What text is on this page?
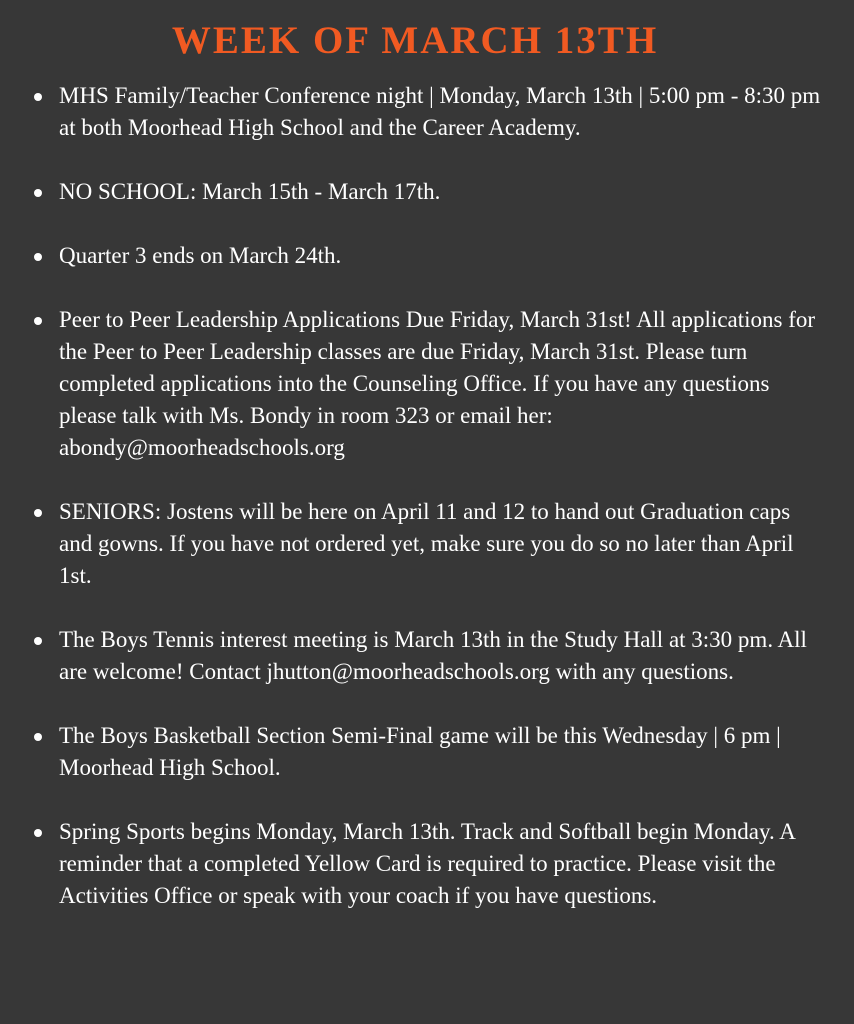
WEEK OF MARCH 13TH
MHS Family/Teacher Conference night | Monday, March 13th | 5:00 pm - 8:30 pm at both Moorhead High School and the Career Academy.
NO SCHOOL: March 15th - March 17th.
Quarter 3 ends on March 24th.
Peer to Peer Leadership Applications Due Friday, March 31st! All applications for the Peer to Peer Leadership classes are due Friday, March 31st. Please turn completed applications into the Counseling Office. If you have any questions please talk with Ms. Bondy in room 323 or email her: abondy@moorheadschools.org
SENIORS: Jostens will be here on April 11 and 12 to hand out Graduation caps and gowns. If you have not ordered yet, make sure you do so no later than April 1st.
The Boys Tennis interest meeting is March 13th in the Study Hall at 3:30 pm. All are welcome! Contact jhutton@moorheadschools.org with any questions.
The Boys Basketball Section Semi-Final game will be this Wednesday | 6 pm | Moorhead High School.
Spring Sports begins Monday, March 13th. Track and Softball begin Monday. A reminder that a completed Yellow Card is required to practice. Please visit the Activities Office or speak with your coach if you have questions.
